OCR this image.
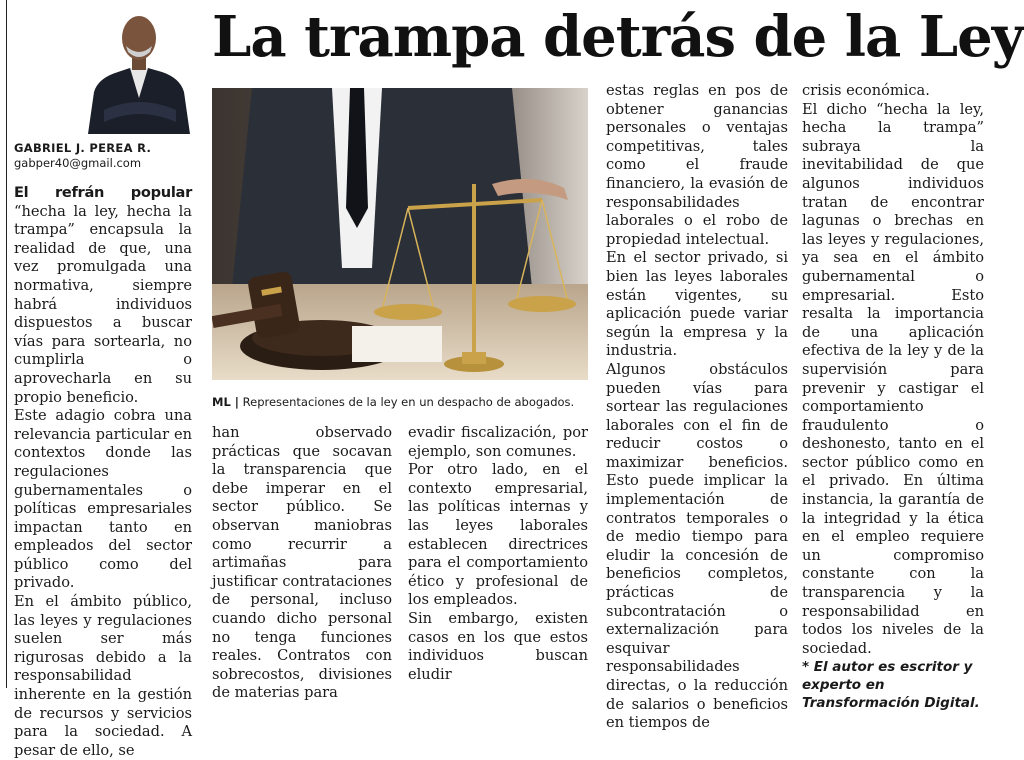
La trampa detrás de la Ley
GABRIEL J. PEREA R.
gabper40@gmail.com
ML | Representaciones de la ley en un despacho de abogados.

El refrán popular “hecha la ley, hecha la trampa” encapsula la realidad de que, una vez promulgada una normativa, siempre habrá individuos dispuestos a buscar vías para sortearla, no cumplirla o aprovecharla en su propio beneficio.

Este adagio cobra una relevancia particular en contextos donde las regulaciones gubernamentales o políticas empresariales impactan tanto en empleados del sector público como del privado.

En el ámbito público, las leyes y regulaciones suelen ser más rigurosas debido a la responsabilidad inherente en la gestión de recursos y servicios para la sociedad. A pesar de ello, se

han observado prácticas que socavan la transparencia que debe imperar en el sector público. Se observan maniobras como recurrir a artimañas para justificar contrataciones de personal, incluso cuando dicho personal no tenga funciones reales. Contratos con sobrecostos, divisiones de materias para

evadir fiscalización, por ejemplo, son comunes.

Por otro lado, en el contexto empresarial, las políticas internas y las leyes laborales establecen directrices para el comportamiento ético y profesional de los empleados.

Sin embargo, existen casos en los que estos individuos buscan eludir

estas reglas en pos de obtener ganancias personales o ventajas competitivas, tales como el fraude financiero, la evasión de responsabilidades laborales o el robo de propiedad intelectual.

En el sector privado, si bien las leyes laborales están vigentes, su aplicación puede variar según la empresa y la industria.

Algunos obstáculos pueden vías para sortear las regulaciones laborales con el fin de reducir costos o maximizar beneficios. Esto puede implicar la implementación de contratos temporales o de medio tiempo para eludir la concesión de beneficios completos, prácticas de subcontratación o externalización para esquivar responsabilidades directas, o la reducción de salarios o beneficios en tiempos de

crisis económica.

El dicho “hecha la ley, hecha la trampa” subraya la inevitabilidad de que algunos individuos tratan de encontrar lagunas o brechas en las leyes y regulaciones, ya sea en el ámbito gubernamental o empresarial. Esto resalta la importancia de una aplicación efectiva de la ley y de la supervisión para prevenir y castigar el comportamiento fraudulento o deshonesto, tanto en el sector público como en el privado. En última instancia, la garantía de la integridad y la ética en el empleo requiere un compromiso constante con la transparencia y la responsabilidad en todos los niveles de la sociedad.

* El autor es escritor y experto en Transformación Digital.
